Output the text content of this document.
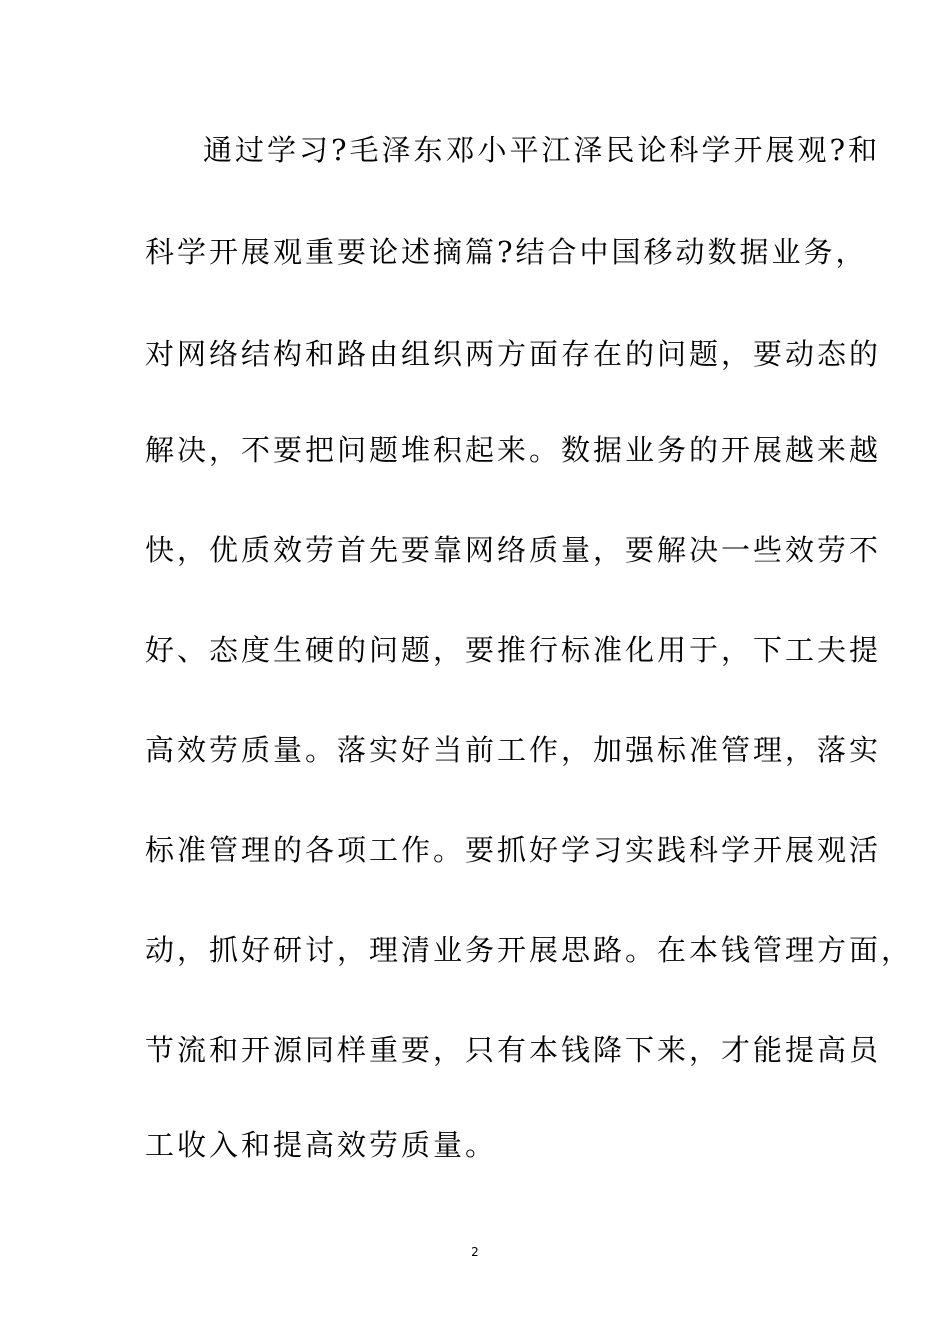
通过学习?毛泽东邓小平江泽民论科学开展观?和
科学开展观重要论述摘篇?结合中国移动数据业务，
对网络结构和路由组织两方面存在的问题，要动态的
解决，不要把问题堆积起来。数据业务的开展越来越
快，优质效劳首先要靠网络质量，要解决一些效劳不
好、态度生硬的问题，要推行标准化用于，下工夫提
高效劳质量。落实好当前工作，加强标准管理，落实
标准管理的各项工作。要抓好学习实践科学开展观活
动，抓好研讨，理清业务开展思路。在本钱管理方面，
节流和开源同样重要，只有本钱降下来，才能提高员
工收入和提高效劳质量。
2
